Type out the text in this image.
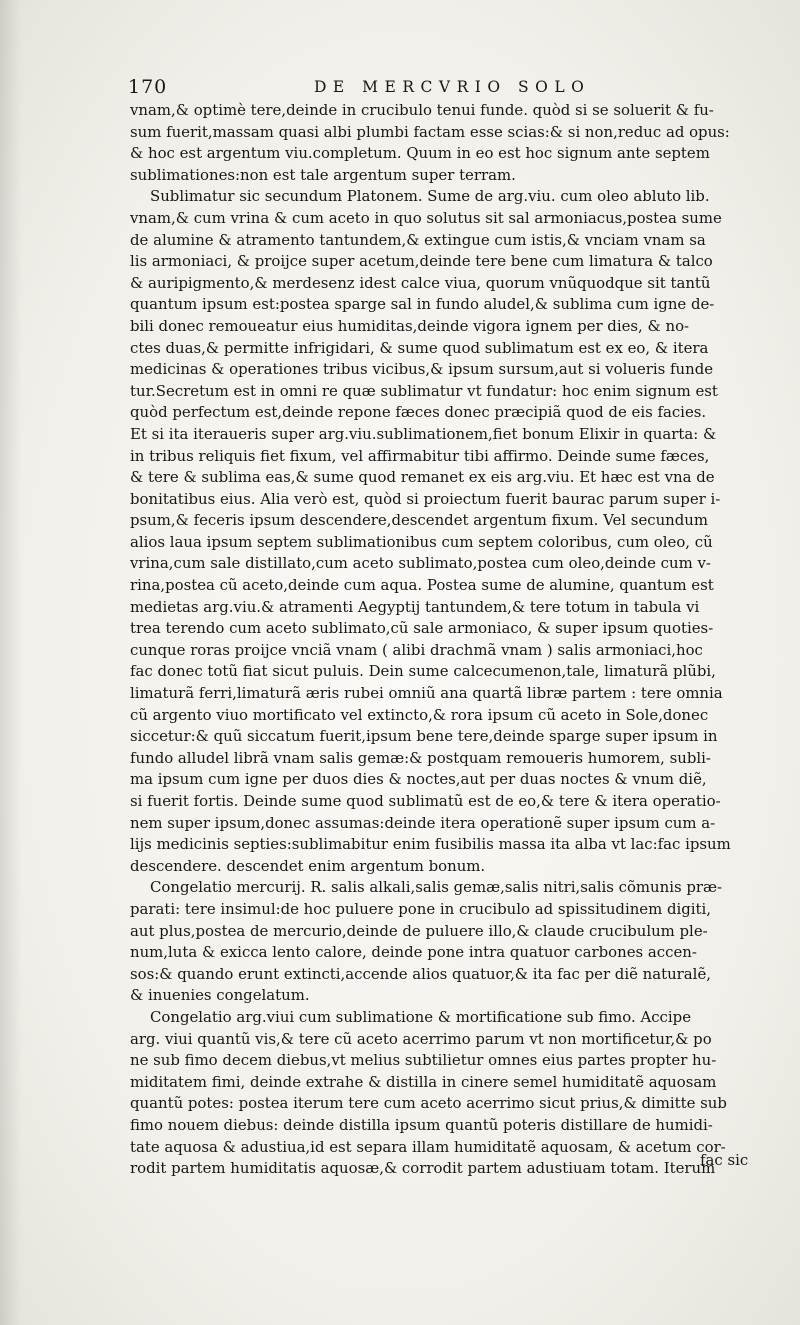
170	DE MERCVRIO SOLO
vnam,& optimè tere,deinde in crucibulo tenui funde. quòd si se soluerit & fu-
sum fuerit,massam quasi albi plumbi factam esse scias:& si non,reduc ad opus:
& hoc est argentum viu.completum. Quum in eo est hoc signum ante septem
sublimationes:non est tale argentum super terram.
Sublimatur sic secundum Platonem. Sume de arg.viu. cum oleo abluto lib.
vnam,& cum vrina & cum aceto in quo solutus sit sal armoniacus,postea sume
de alumine & atramento tantundem,& extingue cum istis,& vnciam vnam sa
lis armoniaci, & proijce super acetum,deinde tere bene cum limatura & talco
& auripigmento,& merdesenz idest calce viua, quorum vnũquodque sit tantũ
quantum ipsum est:postea sparge sal in fundo aludel,& sublima cum igne de-
bili donec remoueatur eius humiditas,deinde vigora ignem per dies, & no-
ctes duas,& permitte infrigidari, & sume quod sublimatum est ex eo, & itera
medicinas & operationes tribus vicibus,& ipsum sursum,aut si volueris funde
tur.Secretum est in omni re quæ sublimatur vt fundatur: hoc enim signum est
quòd perfectum est,deinde repone fæces donec præcipiã quod de eis facies.
Et si ita iteraueris super arg.viu.sublimationem,fiet bonum Elixir in quarta: &
in tribus reliquis fiet fixum, vel affirmabitur tibi affirmo. Deinde sume fæces,
& tere & sublima eas,& sume quod remanet ex eis arg.viu. Et hæc est vna de
bonitatibus eius. Alia verò est, quòd si proiectum fuerit baurac parum super i-
psum,& feceris ipsum descendere,descendet argentum fixum. Vel secundum
alios laua ipsum septem sublimationibus cum septem coloribus, cum oleo, cũ
vrina,cum sale distillato,cum aceto sublimato,postea cum oleo,deinde cum v-
rina,postea cũ aceto,deinde cum aqua. Postea sume de alumine, quantum est
medietas arg.viu.& atramenti Aegyptij tantundem,& tere totum in tabula vi
trea terendo cum aceto sublimato,cũ sale armoniaco, & super ipsum quoties-
cunque roras proijce vnciã vnam ( alibi drachmã vnam ) salis armoniaci,hoc
fac donec totũ fiat sicut puluis. Dein sume calcecumenon,tale, limaturã plũbi,
limaturã ferri,limaturã æris rubei omniũ ana quartã libræ partem : tere omnia
cũ argento viuo mortificato vel extincto,& rora ipsum cũ aceto in Sole,donec
siccetur:& quũ siccatum fuerit,ipsum bene tere,deinde sparge super ipsum in
fundo alludel librã vnam salis gemæ:& postquam remoueris humorem, subli-
ma ipsum cum igne per duos dies & noctes,aut per duas noctes & vnum diẽ,
si fuerit fortis. Deinde sume quod sublimatũ est de eo,& tere & itera operatio-
nem super ipsum,donec assumas:deinde itera operationẽ super ipsum cum a-
lijs medicinis septies:sublimabitur enim fusibilis massa ita alba vt lac:fac ipsum
descendere. descendet enim argentum bonum.
Congelatio mercurij. R. salis alkali,salis gemæ,salis nitri,salis cõmunis præ-
parati: tere insimul:de hoc puluere pone in crucibulo ad spissitudinem digiti,
aut plus,postea de mercurio,deinde de puluere illo,& claude crucibulum ple-
num,luta & exicca lento calore, deinde pone intra quatuor carbones accen-
sos:& quando erunt extincti,accende alios quatuor,& ita fac per diẽ naturalẽ,
& inuenies congelatum.
Congelatio arg.viui cum sublimatione & mortificatione sub fimo. Accipe
arg. viui quantũ vis,& tere cũ aceto acerrimo parum vt non mortificetur,& po
ne sub fimo decem diebus,vt melius subtilietur omnes eius partes propter hu-
miditatem fimi, deinde extrahe & distilla in cinere semel humiditatẽ aquosam
quantũ potes: postea iterum tere cum aceto acerrimo sicut prius,& dimitte sub
fimo nouem diebus: deinde distilla ipsum quantũ poteris distillare de humidi-
tate aquosa & adustiua,id est separa illam humiditatẽ aquosam, & acetum cor-
rodit partem humiditatis aquosæ,& corrodit partem adustiuam totam. Iterum
fac sic
